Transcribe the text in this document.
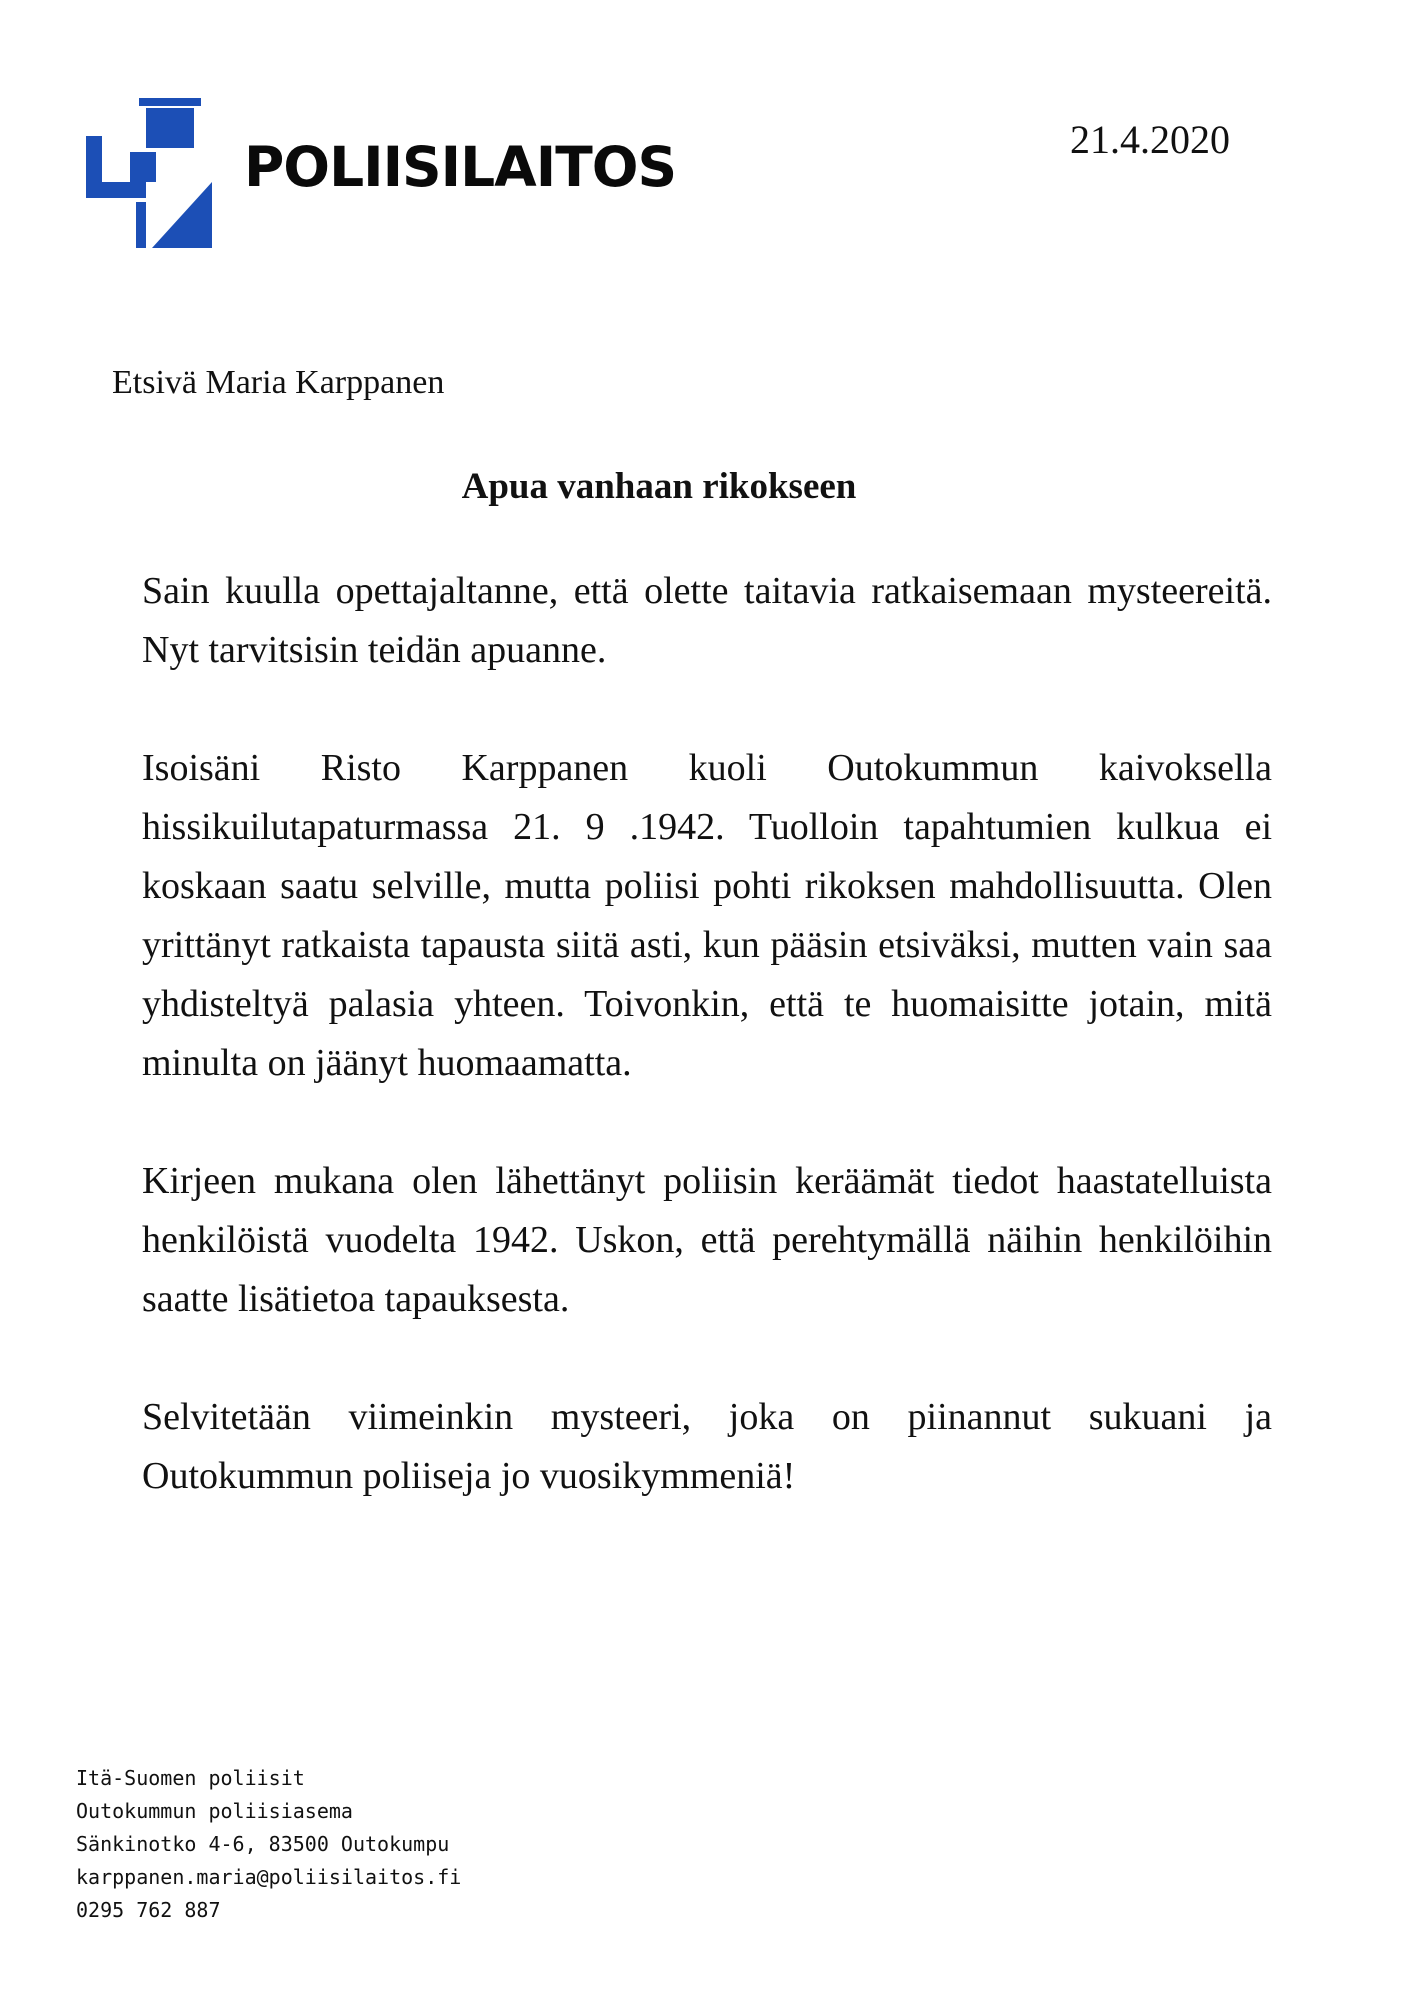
POLIISILAITOS	21.4.2020
Etsivä Maria Karppanen
Apua vanhaan rikokseen

Sain kuulla opettajaltanne, että olette taitavia ratkaisemaan mysteereitä. Nyt tarvitsisin teidän apuanne.

Isoisäni Risto Karppanen kuoli Outokummun kaivoksella hissikuilutapaturmassa 21. 9 .1942. Tuolloin tapahtumien kulkua ei koskaan saatu selville, mutta poliisi pohti rikoksen mahdollisuutta. Olen yrittänyt ratkaista tapausta siitä asti, kun pääsin etsiväksi, mutten vain saa yhdisteltyä palasia yhteen. Toivonkin, että te huomaisitte jotain, mitä minulta on jäänyt huomaamatta.

Kirjeen mukana olen lähettänyt poliisin keräämät tiedot haastatelluista henkilöistä vuodelta 1942. Uskon, että perehtymällä näihin henkilöihin saatte lisätietoa tapauksesta.

Selvitetään viimeinkin mysteeri, joka on piinannut sukuani ja Outokummun poliiseja jo vuosikymmeniä!

Itä-Suomen poliisit
Outokummun poliisiasema
Sänkinotko 4-6, 83500 Outokumpu
karppanen.maria@poliisilaitos.fi
0295 762 887
